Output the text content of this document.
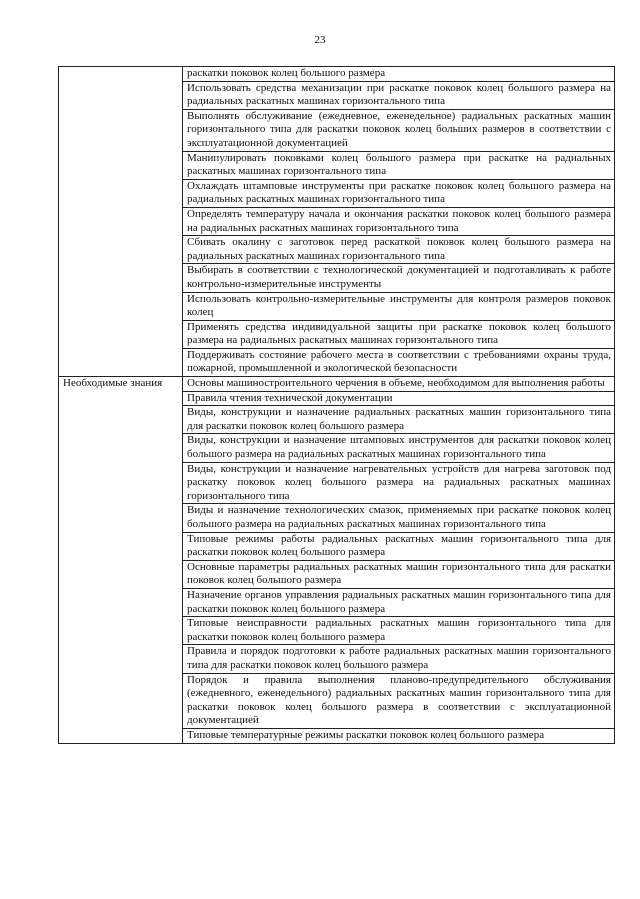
23
	раскатки поковок колец большого размера
	Использовать средства механизации при раскатке поковок колец большого размера на радиальных раскатных машинах горизонтального типа
	Выполнять обслуживание (ежедневное, еженедельное) радиальных раскатных машин горизонтального типа для раскатки поковок колец больших размеров в соответствии с эксплуатационной документацией
	Манипулировать поковками колец большого размера при раскатке на радиальных раскатных машинах горизонтального типа
	Охлаждать штамповые инструменты при раскатке поковок колец большого размера на радиальных раскатных машинах горизонтального типа
	Определять температуру начала и окончания раскатки поковок колец большого размера на радиальных раскатных машинах горизонтального типа
	Сбивать окалину с заготовок перед раскаткой поковок колец большого размера на радиальных раскатных машинах горизонтального типа
	Выбирать в соответствии с технологической документацией и подготавливать к работе контрольно-измерительные инструменты
	Использовать контрольно-измерительные инструменты для контроля размеров поковок колец
	Применять средства индивидуальной защиты при раскатке поковок колец большого размера на радиальных раскатных машинах горизонтального типа
	Поддерживать состояние рабочего места в соответствии с требованиями охраны труда, пожарной, промышленной и экологической безопасности
Необходимые знания	Основы машиностроительного черчения в объеме, необходимом для выполнения работы
	Правила чтения технической документации
	Виды, конструкции и назначение радиальных раскатных машин горизонтального типа для раскатки поковок колец большого размера
	Виды, конструкции и назначение штамповых инструментов для раскатки поковок колец большого размера на радиальных раскатных машинах горизонтального типа
	Виды, конструкции и назначение нагревательных устройств для нагрева заготовок под раскатку поковок колец большого размера на радиальных раскатных машинах горизонтального типа
	Виды и назначение технологических смазок, применяемых при раскатке поковок колец большого размера на радиальных раскатных машинах горизонтального типа
	Типовые режимы работы радиальных раскатных машин горизонтального типа для раскатки поковок колец большого размера
	Основные параметры радиальных раскатных машин горизонтального типа для раскатки поковок колец большого размера
	Назначение органов управления радиальных раскатных машин горизонтального типа для раскатки поковок колец большого размера
	Типовые неисправности радиальных раскатных машин горизонтального типа для раскатки поковок колец большого размера
	Правила и порядок подготовки к работе радиальных раскатных машин горизонтального типа для раскатки поковок колец большого размера
	Порядок и правила выполнения планово-предупредительного обслуживания (ежедневного, еженедельного) радиальных раскатных машин горизонтального типа для раскатки поковок колец большого размера в соответствии с эксплуатационной документацией
	Типовые температурные режимы раскатки поковок колец большого размера
